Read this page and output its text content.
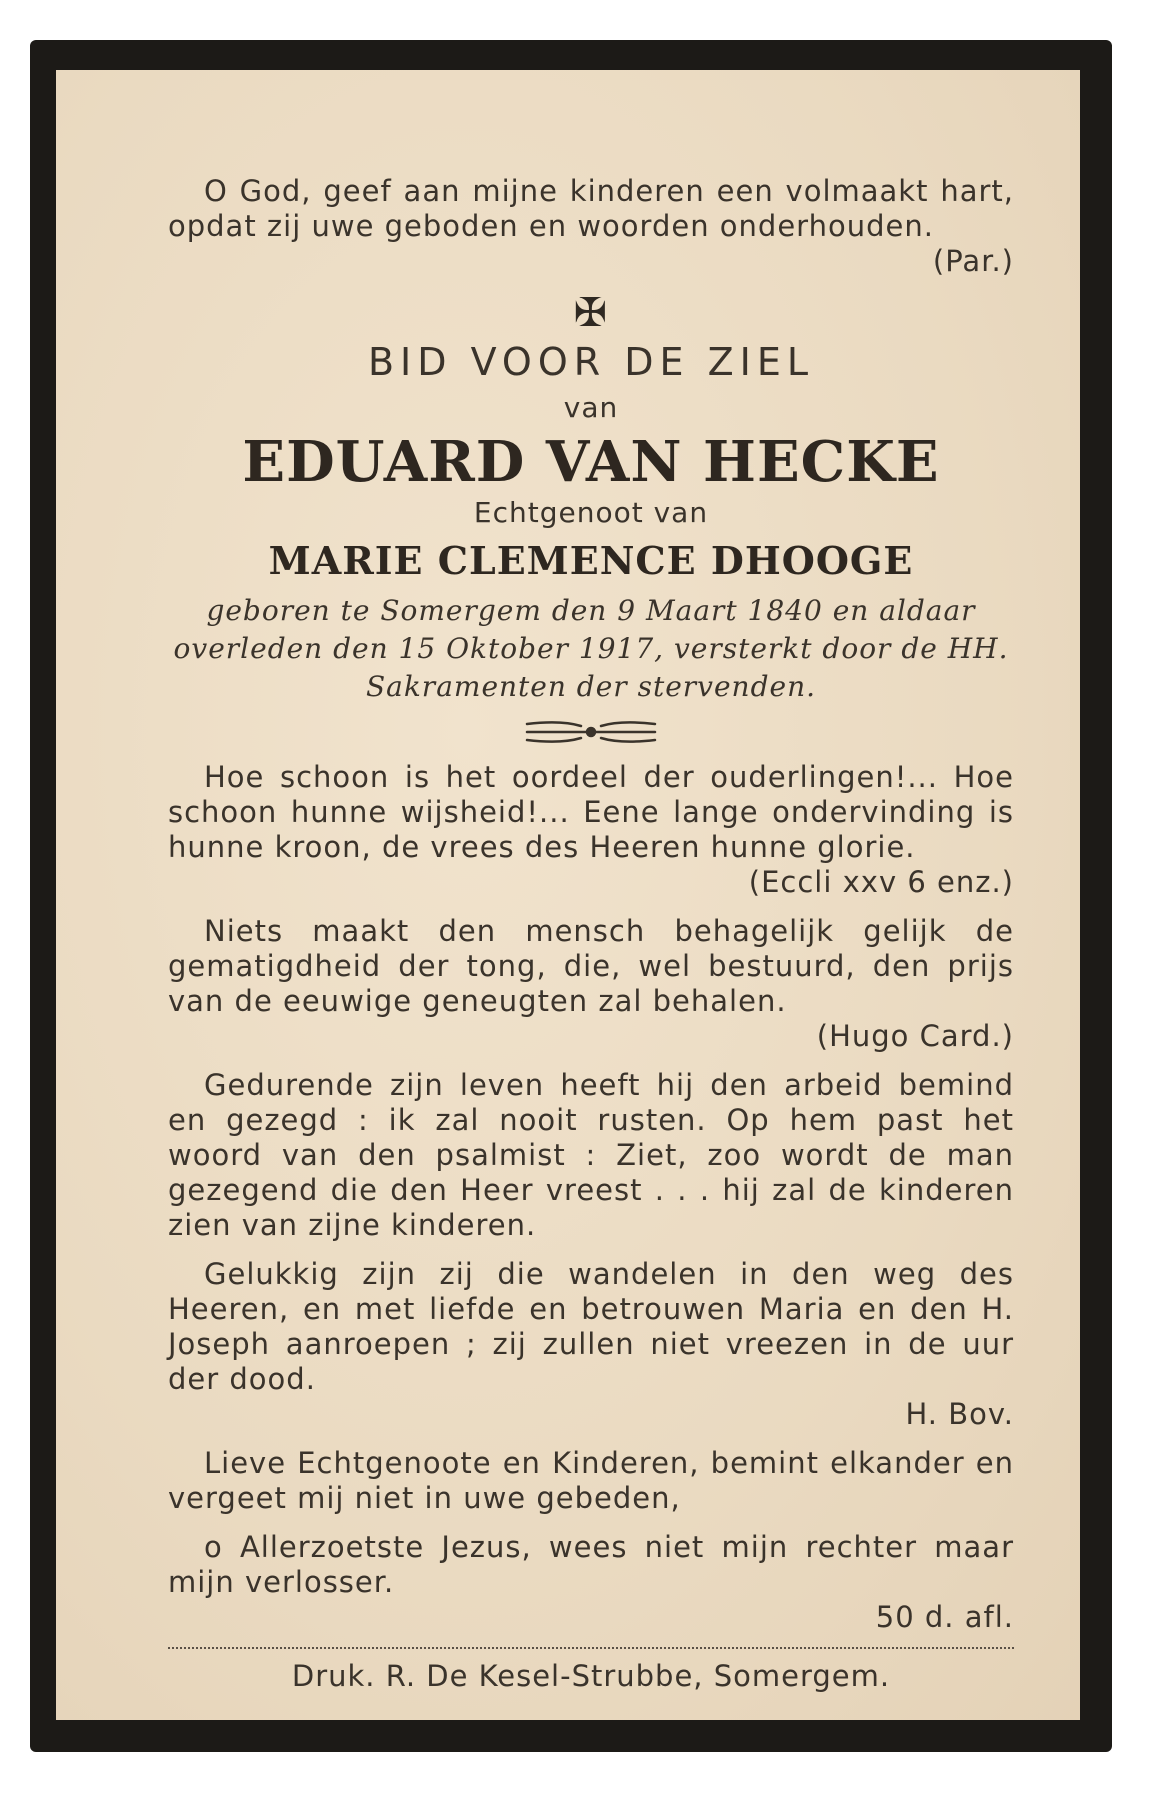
O God, geef aan mijne kinderen een volmaakt hart, opdat zij uwe geboden en woorden onderhouden.
(Par.)

✠
BID VOOR DE ZIEL
van
EDUARD VAN HECKE
Echtgenoot van
MARIE CLEMENCE DHOOGE
geboren te Somergem den 9 Maart 1840 en aldaar overleden den 15 Oktober 1917, versterkt door de HH. Sakramenten der stervenden.

Hoe schoon is het oordeel der ouderlingen!... Hoe schoon hunne wijsheid!... Eene lange ondervinding is hunne kroon, de vrees des Heeren hunne glorie.
(Eccli xxv 6 enz.)

Niets maakt den mensch behagelijk gelijk de gematigdheid der tong, die, wel bestuurd, den prijs van de eeuwige geneugten zal behalen.
(Hugo Card.)

Gedurende zijn leven heeft hij den arbeid bemind en gezegd : ik zal nooit rusten. Op hem past het woord van den psalmist : Ziet, zoo wordt de man gezegend die den Heer vreest . . . hij zal de kinderen zien van zijne kinderen.

Gelukkig zijn zij die wandelen in den weg des Heeren, en met liefde en betrouwen Maria en den H. Joseph aanroepen ; zij zullen niet vreezen in de uur der dood.
H. Bov.

Lieve Echtgenoote en Kinderen, bemint elkander en vergeet mij niet in uwe gebeden,

o Allerzoetste Jezus, wees niet mijn rechter maar mijn verlosser.
50 d. afl.

Druk. R. De Kesel-Strubbe, Somergem.
